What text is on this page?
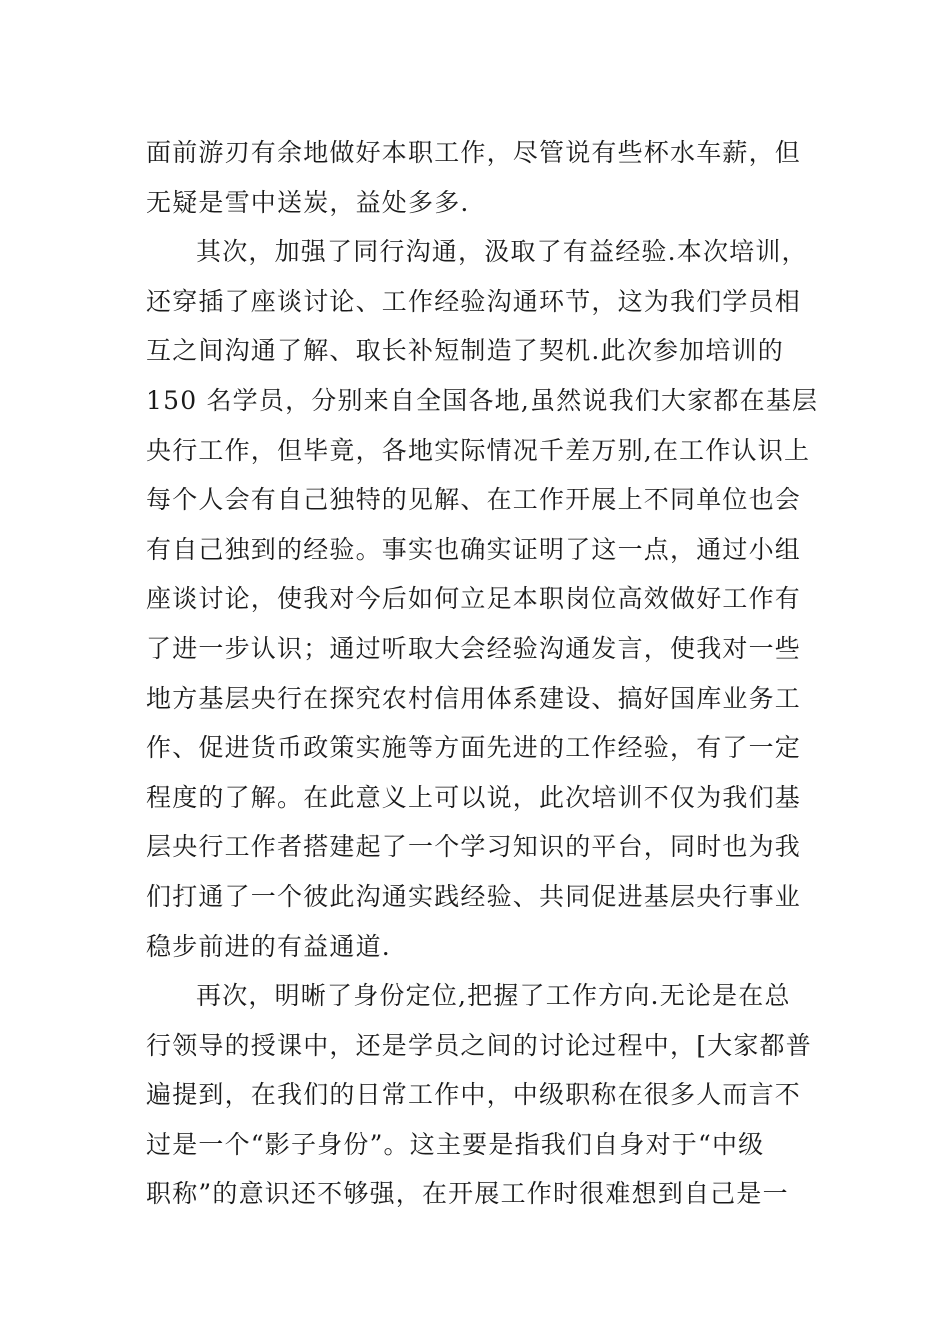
面前游刃有余地做好本职工作，尽管说有些杯水车薪，但
无疑是雪中送炭，益处多多.
其次，加强了同行沟通，汲取了有益经验.本次培训，
还穿插了座谈讨论、工作经验沟通环节，这为我们学员相
互之间沟通了解、取长补短制造了契机.此次参加培训的
150 名学员，分别来自全国各地,虽然说我们大家都在基层
央行工作，但毕竟，各地实际情况千差万别,在工作认识上
每个人会有自己独特的见解、在工作开展上不同单位也会
有自己独到的经验。事实也确实证明了这一点，通过小组
座谈讨论，使我对今后如何立足本职岗位高效做好工作有
了进一步认识；通过听取大会经验沟通发言，使我对一些
地方基层央行在探究农村信用体系建设、搞好国库业务工
作、促进货币政策实施等方面先进的工作经验，有了一定
程度的了解。在此意义上可以说，此次培训不仅为我们基
层央行工作者搭建起了一个学习知识的平台，同时也为我
们打通了一个彼此沟通实践经验、共同促进基层央行事业
稳步前进的有益通道.
再次，明晰了身份定位,把握了工作方向.无论是在总
行领导的授课中，还是学员之间的讨论过程中，[大家都普
遍提到，在我们的日常工作中，中级职称在很多人而言不
过是一个“影子身份”。这主要是指我们自身对于“中级
职称”的意识还不够强，在开展工作时很难想到自己是一
